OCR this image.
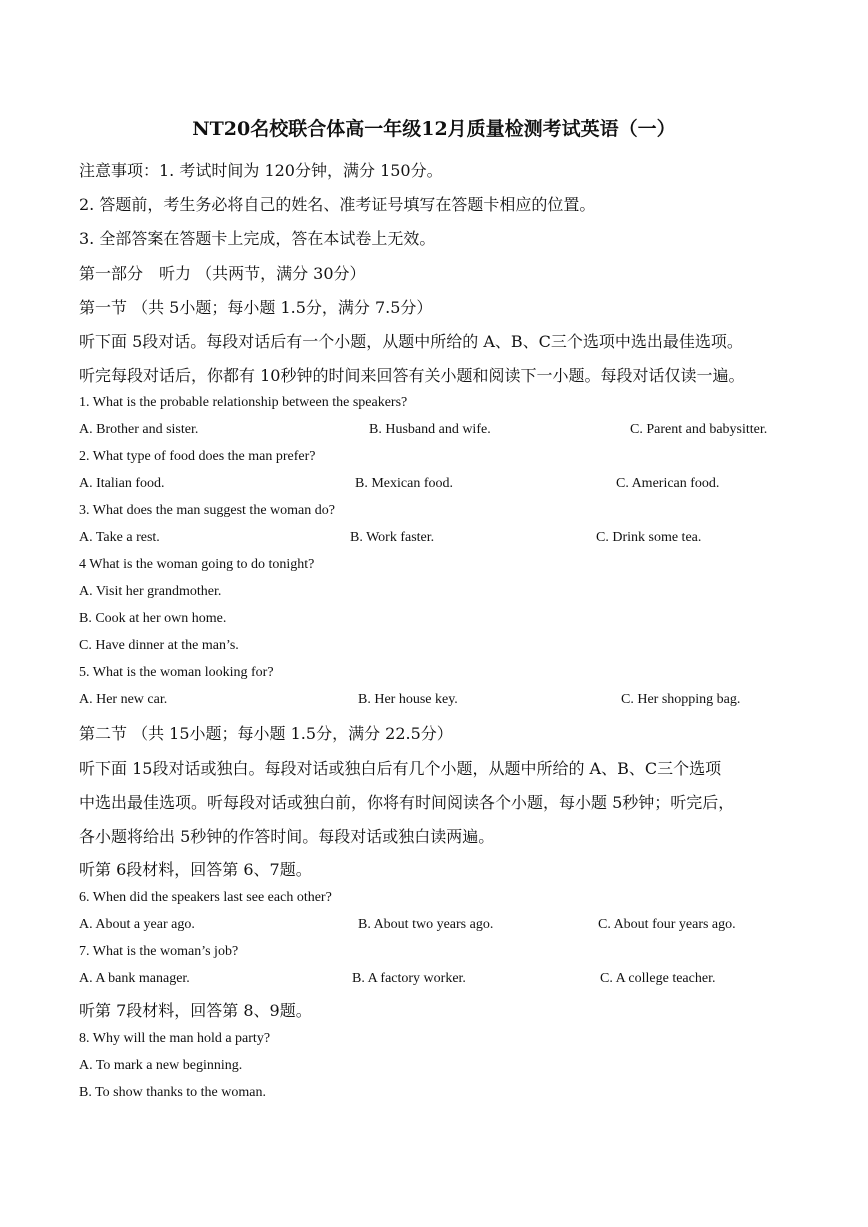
NT20名校联合体高一年级12月质量检测考试英语（一）
注意事项：1. 考试时间为 120分钟，满分 150分。
2. 答题前，考生务必将自己的姓名、准考证号填写在答题卡相应的位置。
3. 全部答案在答题卡上完成，答在本试卷上无效。
第一部分　听力 （共两节，满分 30分）
第一节 （共 5小题；每小题 1.5分，满分 7.5分）
听下面 5段对话。每段对话后有一个小题，从题中所给的 A、B、C三个选项中选出最佳选项。
听完每段对话后，你都有 10秒钟的时间来回答有关小题和阅读下一小题。每段对话仅读一遍。
1. What is the probable relationship between the speakers?
A. Brother and sister.	B. Husband and wife.	C. Parent and babysitter.
2. What type of food does the man prefer?
A. Italian food.	B. Mexican food.	C. American food.
3. What does the man suggest the woman do?
A. Take a rest.	B. Work faster.	C. Drink some tea.
4 What is the woman going to do tonight?
A. Visit her grandmother.
B. Cook at her own home.
C. Have dinner at the man’s.
5. What is the woman looking for?
A. Her new car.	B. Her house key.	C. Her shopping bag.
第二节 （共 15小题；每小题 1.5分，满分 22.5分）
听下面 15段对话或独白。每段对话或独白后有几个小题，从题中所给的 A、B、C三个选项
中选出最佳选项。听每段对话或独白前，你将有时间阅读各个小题，每小题 5秒钟；听完后，
各小题将给出 5秒钟的作答时间。每段对话或独白读两遍。
听第 6段材料，回答第 6、7题。
6. When did the speakers last see each other?
A. About a year ago.	B. About two years ago.	C. About four years ago.
7. What is the woman’s job?
A. A bank manager.	B. A factory worker.	C. A college teacher.
听第 7段材料，回答第 8、9题。
8. Why will the man hold a party?
A. To mark a new beginning.
B. To show thanks to the woman.
